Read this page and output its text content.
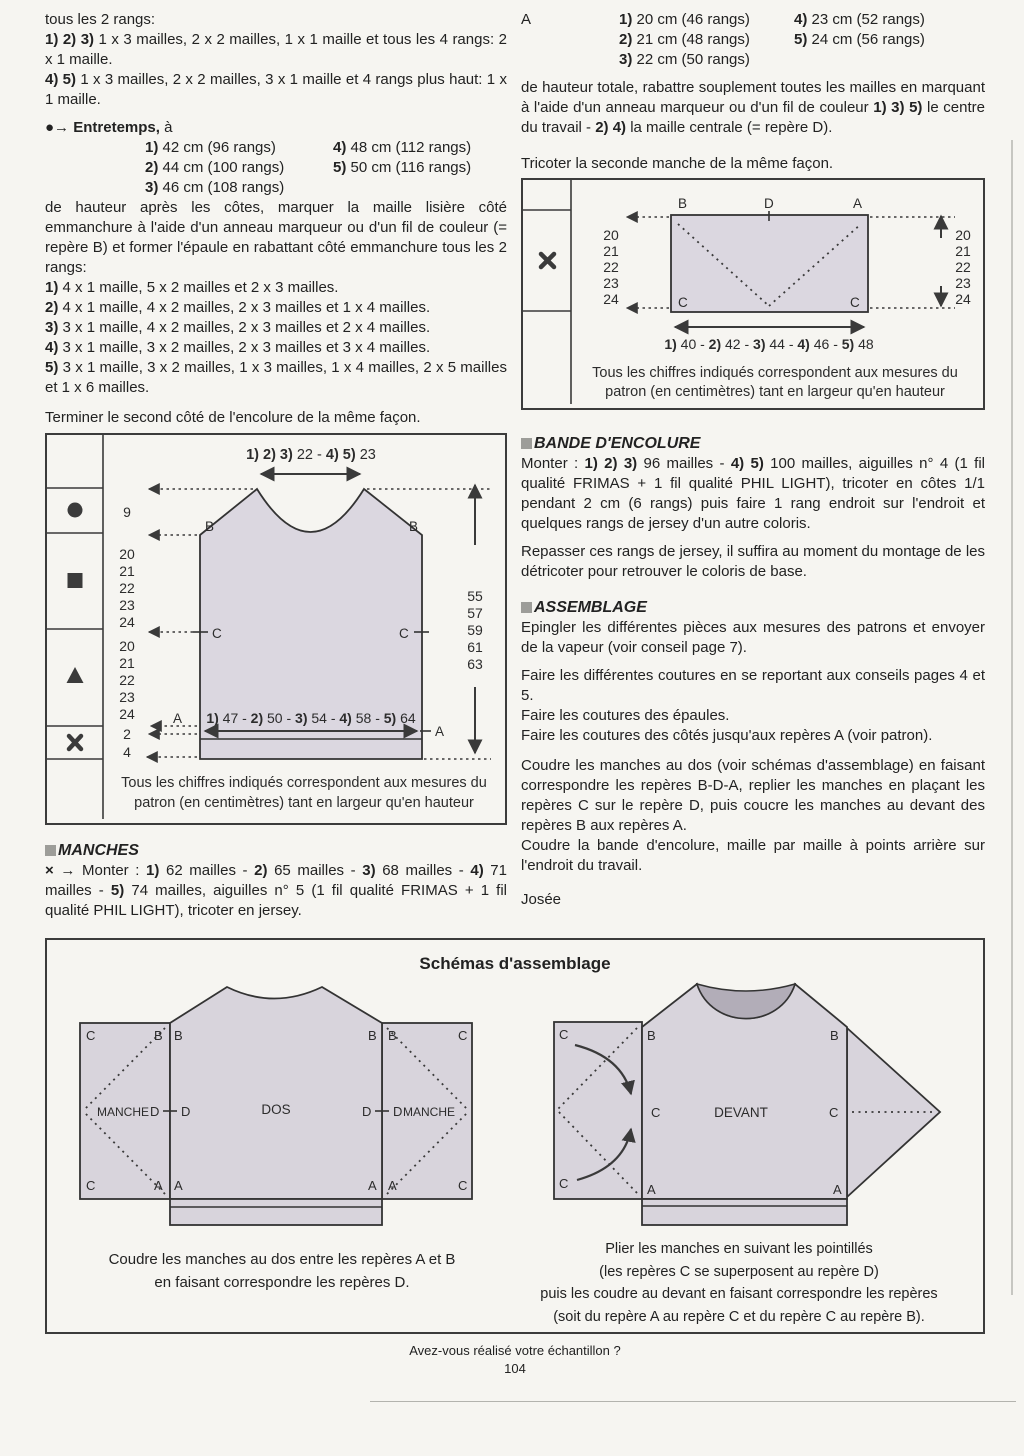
tous les 2 rangs:

1) 2) 3) 1 x 3 mailles, 2 x 2 mailles, 1 x 1 maille et tous les 4 rangs: 2 x 1 maille.

4) 5) 1 x 3 mailles, 2 x 2 mailles, 3 x 1 maille et 4 rangs plus haut: 1 x 1 maille.

●→ Entretemps, à

1) 42 cm (96 rangs)	4) 48 cm (112 rangs)
2) 44 cm (100 rangs)	5) 50 cm (116 rangs)
3) 46 cm (108 rangs)

de hauteur après les côtes, marquer la maille lisière côté emmanchure à l'aide d'un anneau marqueur ou d'un fil de couleur (= repère B) et former l'épaule en rabattant côté emmanchure tous les 2 rangs:

1) 4 x 1 maille, 5 x 2 mailles et 2 x 3 mailles.

2) 4 x 1 maille, 4 x 2 mailles, 2 x 3 mailles et 1 x 4 mailles.

3) 3 x 1 maille, 4 x 2 mailles, 2 x 3 mailles et 2 x 4 mailles.

4) 3 x 1 maille, 3 x 2 mailles, 2 x 3 mailles et 3 x 4 mailles.

5) 3 x 1 maille, 3 x 2 mailles, 1 x 3 mailles, 1 x 4 mailles, 2 x 5 mailles et 1 x 6 mailles.

Terminer le second côté de l'encolure de la même façon.

1) 2) 3) 22 - 4) 5) 23
1) 47 - 2) 50 - 3) 54 - 4) 58 - 5) 64
9
20
21
22
23
24
20
21
22
23
24
2
4
55
57
59
61
63
B	B
C	C
A
A
Tous les chiffres indiqués correspondent aux mesures du
patron (en centimètres) tant en largeur qu'en hauteur
MANCHES

× → Monter : 1) 62 mailles - 2) 65 mailles - 3) 68 mailles - 4) 71 mailles - 5) 74 mailles, aiguilles n° 5 (1 fil qualité FRIMAS + 1 fil qualité PHIL LIGHT), tricoter en jersey.

A	1) 20 cm (46 rangs)	4) 23 cm (52 rangs)
2) 21 cm (48 rangs)	5) 24 cm (56 rangs)
3) 22 cm (50 rangs)

de hauteur totale, rabattre souplement toutes les mailles en marquant à l'aide d'un anneau marqueur ou d'un fil de couleur 1) 3) 5) le centre du travail - 2) 4) la maille centrale (= repère D).

Tricoter la seconde manche de la même façon.

20
21
22
23
24
20
21
22
23
24
B	D	A
C	C
1) 40 - 2) 42 - 3) 44 - 4) 46 - 5) 48
Tous les chiffres indiqués correspondent aux mesures du
patron (en centimètres) tant en largeur qu'en hauteur
BANDE D'ENCOLURE

Monter : 1) 2) 3) 96 mailles - 4) 5) 100 mailles, aiguilles n° 4 (1 fil qualité FRIMAS + 1 fil qualité PHIL LIGHT), tricoter en côtes 1/1 pendant 2 cm (6 rangs) puis faire 1 rang endroit sur l'endroit et quelques rangs de jersey d'un autre coloris.

Repasser ces rangs de jersey, il suffira au moment du montage de les détricoter pour retrouver le coloris de base.

ASSEMBLAGE

Epingler les différentes pièces aux mesures des patrons et envoyer de la vapeur (voir conseil page 7).

Faire les différentes coutures en se reportant aux conseils pages 4 et 5.

Faire les coutures des épaules.

Faire les coutures des côtés jusqu'aux repères A (voir patron).

Coudre les manches au dos (voir schémas d'assemblage) en faisant correspondre les repères B-D-A, replier les manches en plaçant les repères C sur le repère D, puis coucre les manches au devant des repères B aux repères A.

Coudre la bande d'encolure, maille par maille à points arrière sur l'endroit du travail.

Josée

Schémas d'assemblage
C	B B	B B	C
D D	D D
C	A A	A A	C
MANCHE	DOS	MANCHE
C
C
B	B
C	C
A	A
DEVANT
Coudre les manches au dos entre les repères A et B
en faisant correspondre les repères D.
Plier les manches en suivant les pointillés
(les repères C se superposent au repère D)
puis les coudre au devant en faisant correspondre les repères
(soit du repère A au repère C et du repère C au repère B).
Avez-vous réalisé votre échantillon ?
104
